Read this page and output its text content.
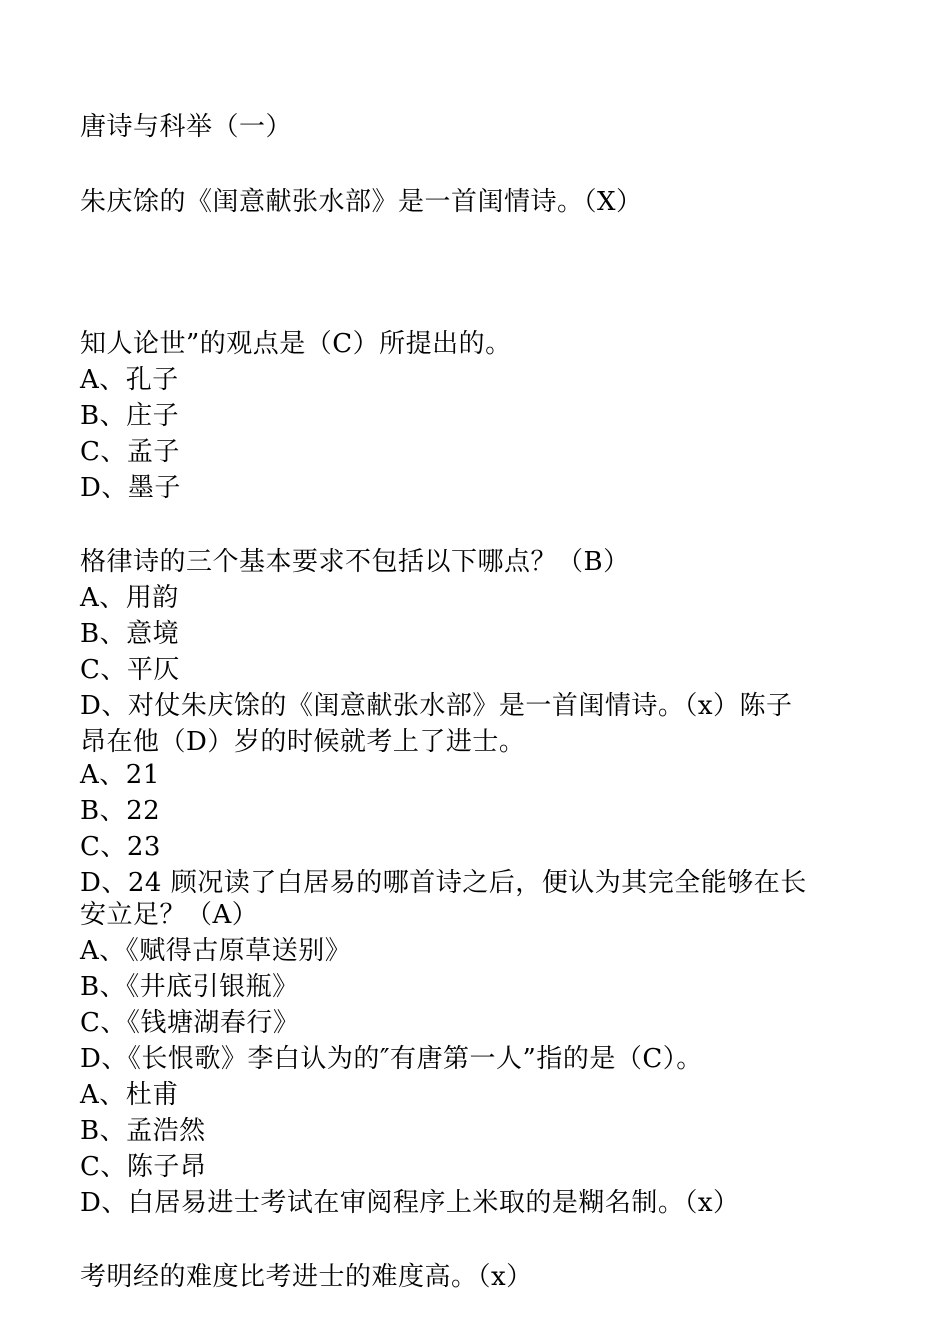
唐诗与科举（一）
朱庆馀的《闺意献张水部》是一首闺情诗。（X）
知人论世”的观点是（C）所提出的。
A、孔子
B、庄子
C、孟子
D、墨子
格律诗的三个基本要求不包括以下哪点？（B）
A、用韵
B、意境
C、平仄
D、对仗朱庆馀的《闺意献张水部》是一首闺情诗。（x）陈子
昂在他（D）岁的时候就考上了进士。
A、21
B、22
C、23
D、24 顾况读了白居易的哪首诗之后，便认为其完全能够在长
安立足？（A）
A、《赋得古原草送别》
B、《井底引银瓶》
C、《钱塘湖春行》
D、《长恨歌》李白认为的″有唐第一人”指的是（C）。
A、杜甫
B、孟浩然
C、陈子昂
D、白居易进士考试在审阅程序上米取的是糊名制。（x）
考明经的难度比考进士的难度高。（x）
